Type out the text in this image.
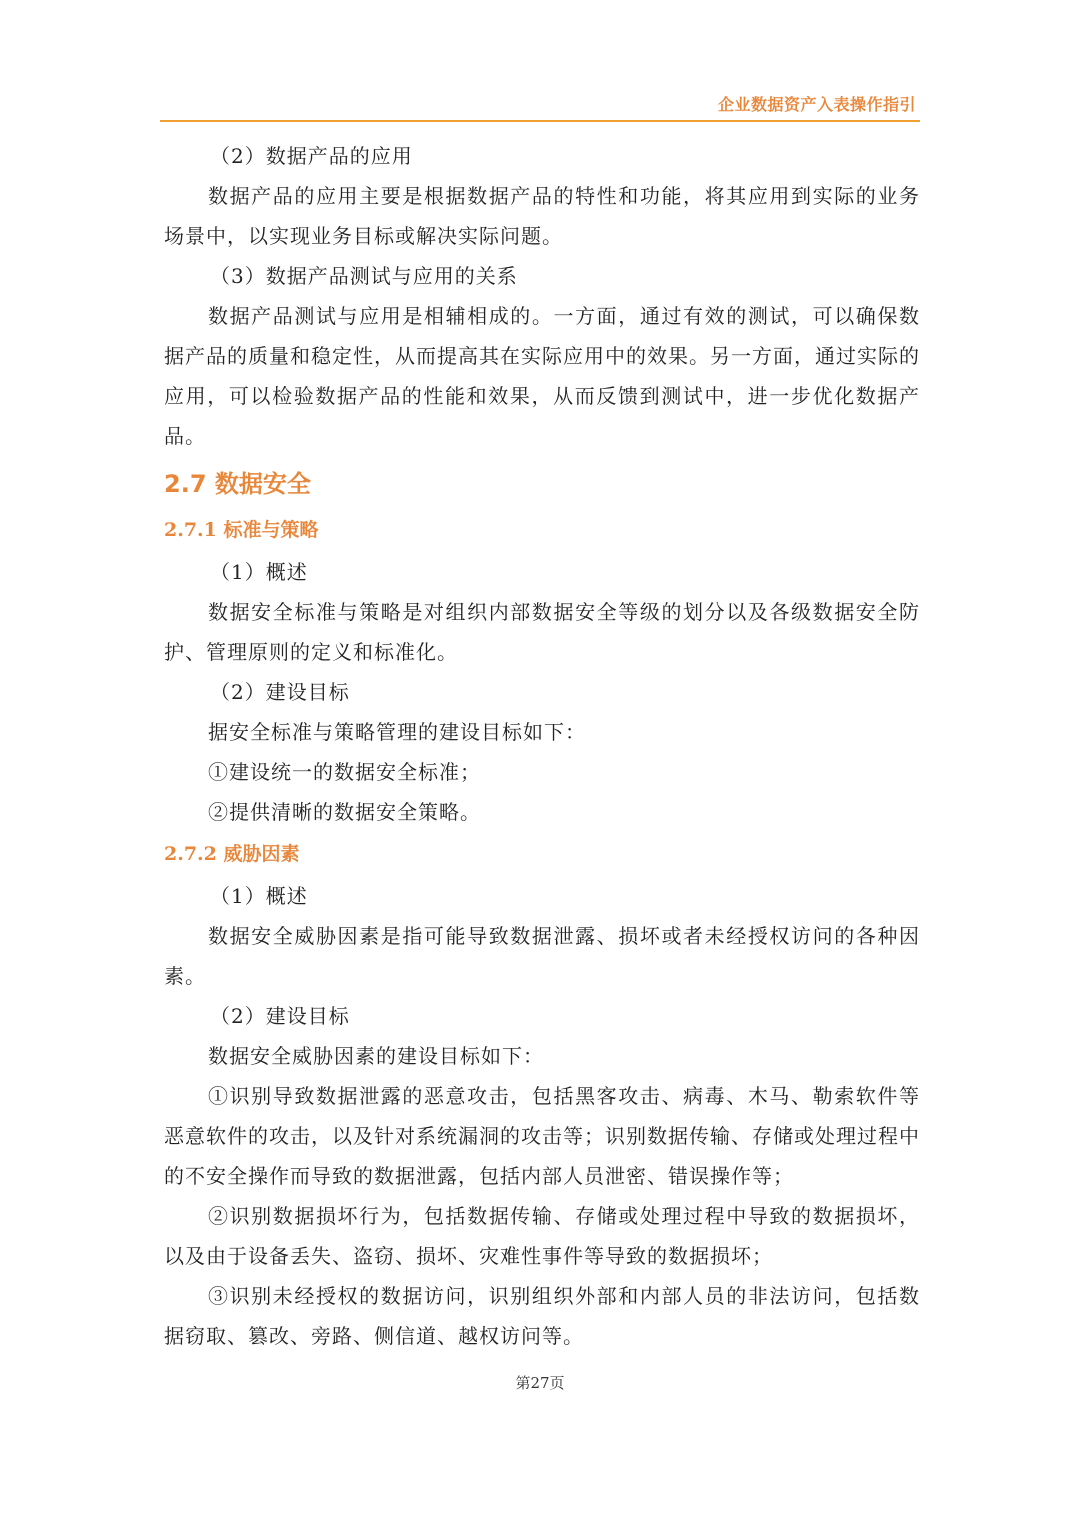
企业数据资产入表操作指引

（2）数据产品的应用

数据产品的应用主要是根据数据产品的特性和功能，将其应用到实际的业务场景中，以实现业务目标或解决实际问题。

（3）数据产品测试与应用的关系

数据产品测试与应用是相辅相成的。一方面，通过有效的测试，可以确保数据产品的质量和稳定性，从而提高其在实际应用中的效果。另一方面，通过实际的应用，可以检验数据产品的性能和效果，从而反馈到测试中，进一步优化数据产品。

2.7 数据安全
2.7.1 标准与策略

（1）概述

数据安全标准与策略是对组织内部数据安全等级的划分以及各级数据安全防护、管理原则的定义和标准化。

（2）建设目标

据安全标准与策略管理的建设目标如下：

①建设统一的数据安全标准；

②提供清晰的数据安全策略。

2.7.2 威胁因素

（1）概述

数据安全威胁因素是指可能导致数据泄露、损坏或者未经授权访问的各种因素。

（2）建设目标

数据安全威胁因素的建设目标如下：

①识别导致数据泄露的恶意攻击，包括黑客攻击、病毒、木马、勒索软件等恶意软件的攻击，以及针对系统漏洞的攻击等；识别数据传输、存储或处理过程中的不安全操作而导致的数据泄露，包括内部人员泄密、错误操作等；

②识别数据损坏行为，包括数据传输、存储或处理过程中导致的数据损坏，以及由于设备丢失、盗窃、损坏、灾难性事件等导致的数据损坏；

③识别未经授权的数据访问，识别组织外部和内部人员的非法访问，包括数据窃取、篡改、旁路、侧信道、越权访问等。

第27页
